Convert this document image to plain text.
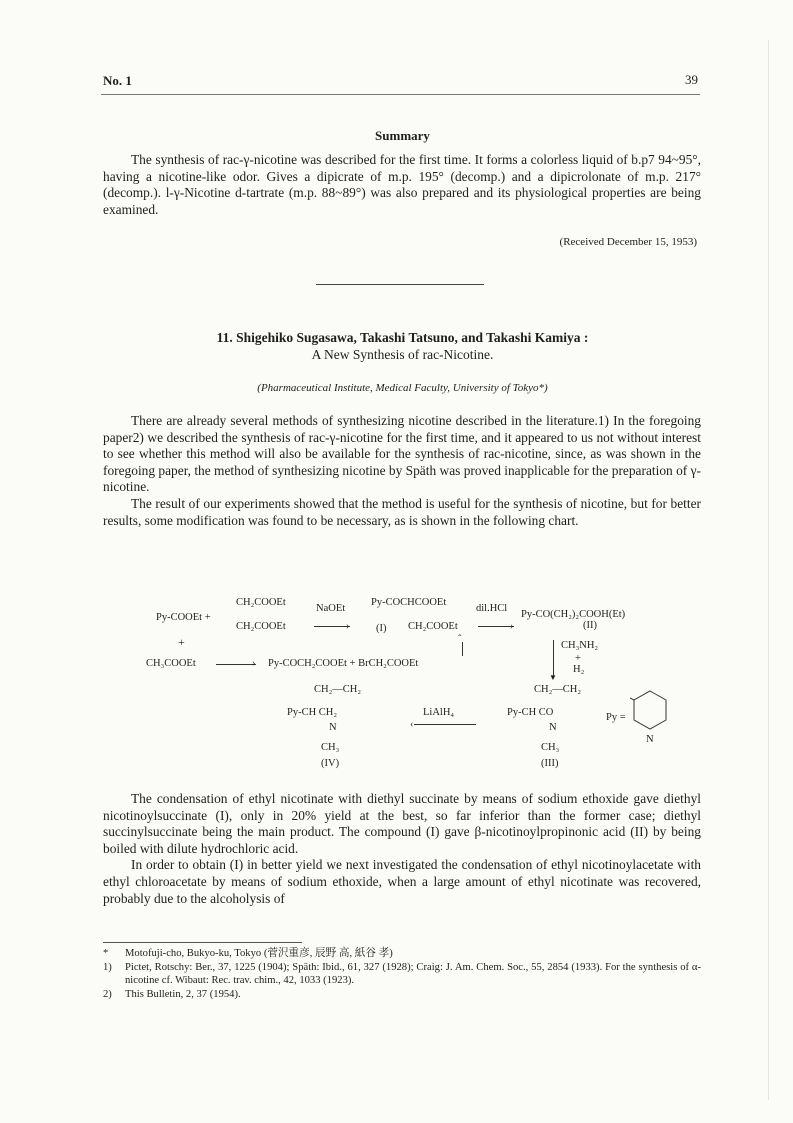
No. 1	39
Summary

The synthesis of rac-γ-nicotine was described for the first time. It forms a colorless liquid of b.p7 94~95°, having a nicotine-like odor. Gives a dipicrate of m.p. 195° (decomp.) and a dipicrolonate of m.p. 217° (decomp.). l-γ-Nicotine d-tartrate (m.p. 88~89°) was also prepared and its physiological properties are being examined.

(Received December 15, 1953)
11. Shigehiko Sugasawa, Takashi Tatsuno, and Takashi Kamiya :
A New Synthesis of rac-Nicotine.
(Pharmaceutical Institute, Medical Faculty, University of Tokyo*)

There are already several methods of synthesizing nicotine described in the literature.1) In the foregoing paper2) we described the synthesis of rac-γ-nicotine for the first time, and it appeared to us not without interest to see whether this method will also be available for the synthesis of rac-nicotine, since, as was shown in the foregoing paper, the method of synthesizing nicotine by Späth was proved inapplicable for the preparation of γ-nicotine.

The result of our experiments showed that the method is useful for the synthesis of nicotine, but for better results, some modification was found to be necessary, as is shown in the following chart.

Py-COOEt +
CH₂COOEt
CH₂COOEt
NaOEt
›
Py-COCHCOOEt
CH₂COOEt
(I)
dil.HCl
›
Py-CO(CH₂)₂COOH(Et)
(II)
+
CH₃COOEt	› Py-COCH₂COOEt + BrCH₂COOEt
ˆ
▼
CH₃NH₂
+
H₂
CH₂—CH₂
Py-CH CH₂
N
CH₃
(IV)
LiAlH₄
‹
CH₂—CH₂
Py-CH CO
N
CH₃
(III)
Py =
N

The condensation of ethyl nicotinate with diethyl succinate by means of sodium ethoxide gave diethyl nicotinoylsuccinate (I), only in 20% yield at the best, so far inferior than the former case; diethyl succinylsuccinate being the main product. The compound (I) gave β-nicotinoylpropinonic acid (II) by being boiled with dilute hydrochloric acid.

In order to obtain (I) in better yield we next investigated the condensation of ethyl nicotinoylacetate with ethyl chloroacetate by means of sodium ethoxide, when a large amount of ethyl nicotinate was recovered, probably due to the alcoholysis of

*	Motofuji-cho, Bukyo-ku, Tokyo (菅沢重彦, 辰野 高, 紙谷 孝)
1)	Pictet, Rotschy: Ber., 37, 1225 (1904); Späth: Ibid., 61, 327 (1928); Craig: J. Am. Chem. Soc., 55, 2854 (1933). For the synthesis of α-nicotine cf. Wibaut: Rec. trav. chim., 42, 1033 (1923).
2)	This Bulletin, 2, 37 (1954).
